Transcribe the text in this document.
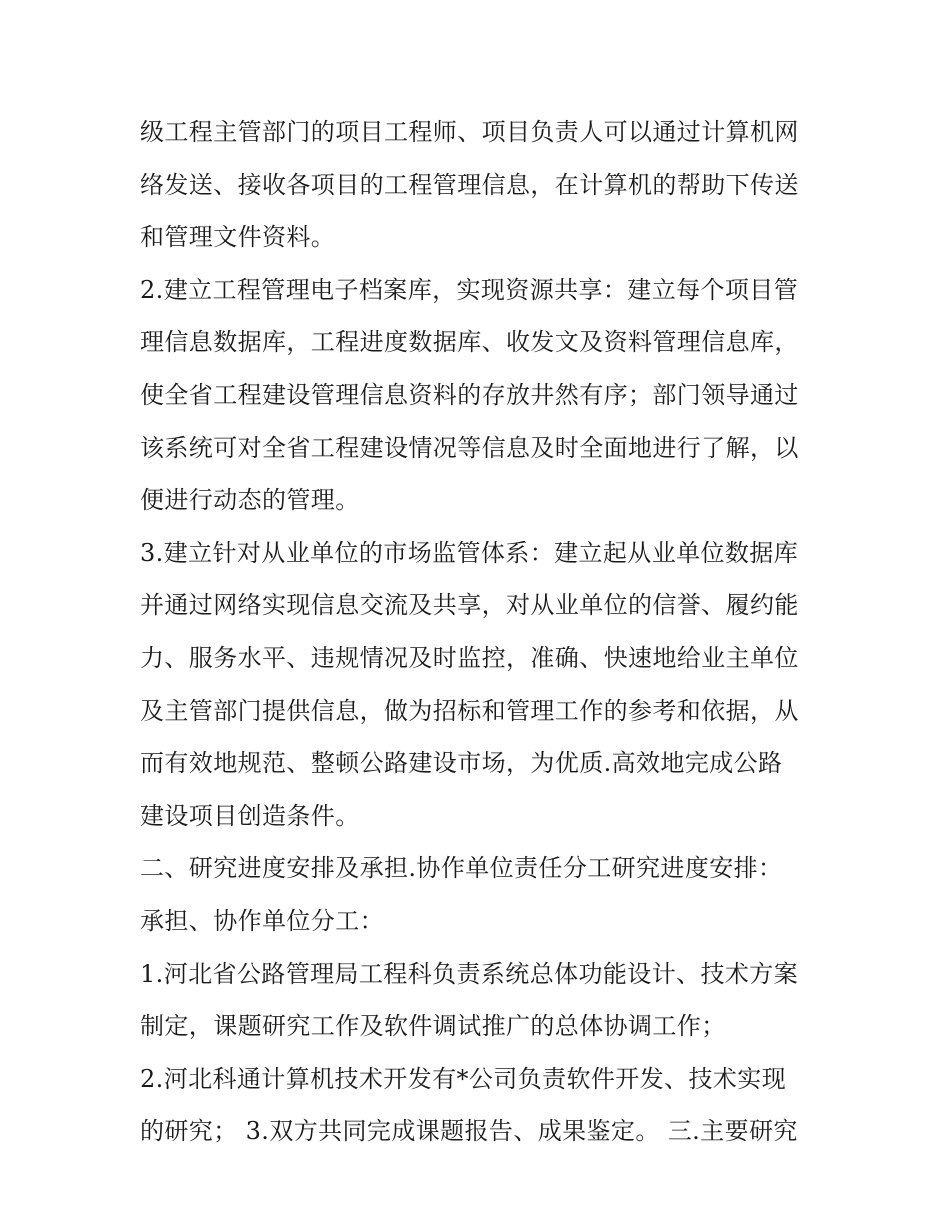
级工程主管部门的项目工程师、项目负责人可以通过计算机网
络发送、接收各项目的工程管理信息，在计算机的帮助下传送
和管理文件资料。
2.建立工程管理电子档案库，实现资源共享：建立每个项目管
理信息数据库，工程进度数据库、收发文及资料管理信息库，
使全省工程建设管理信息资料的存放井然有序；部门领导通过
该系统可对全省工程建设情况等信息及时全面地进行了解，以
便进行动态的管理。
3.建立针对从业单位的市场监管体系：建立起从业单位数据库
并通过网络实现信息交流及共享，对从业单位的信誉、履约能
力、服务水平、违规情况及时监控，准确、快速地给业主单位
及主管部门提供信息，做为招标和管理工作的参考和依据，从
而有效地规范、整顿公路建设市场，为优质.高效地完成公路
建设项目创造条件。
二、研究进度安排及承担.协作单位责任分工研究进度安排：
承担、协作单位分工：
1.河北省公路管理局工程科负责系统总体功能设计、技术方案
制定，课题研究工作及软件调试推广的总体协调工作；
2.河北科通计算机技术开发有*公司负责软件开发、技术实现
的研究； 3.双方共同完成课题报告、成果鉴定。 三.主要研究
